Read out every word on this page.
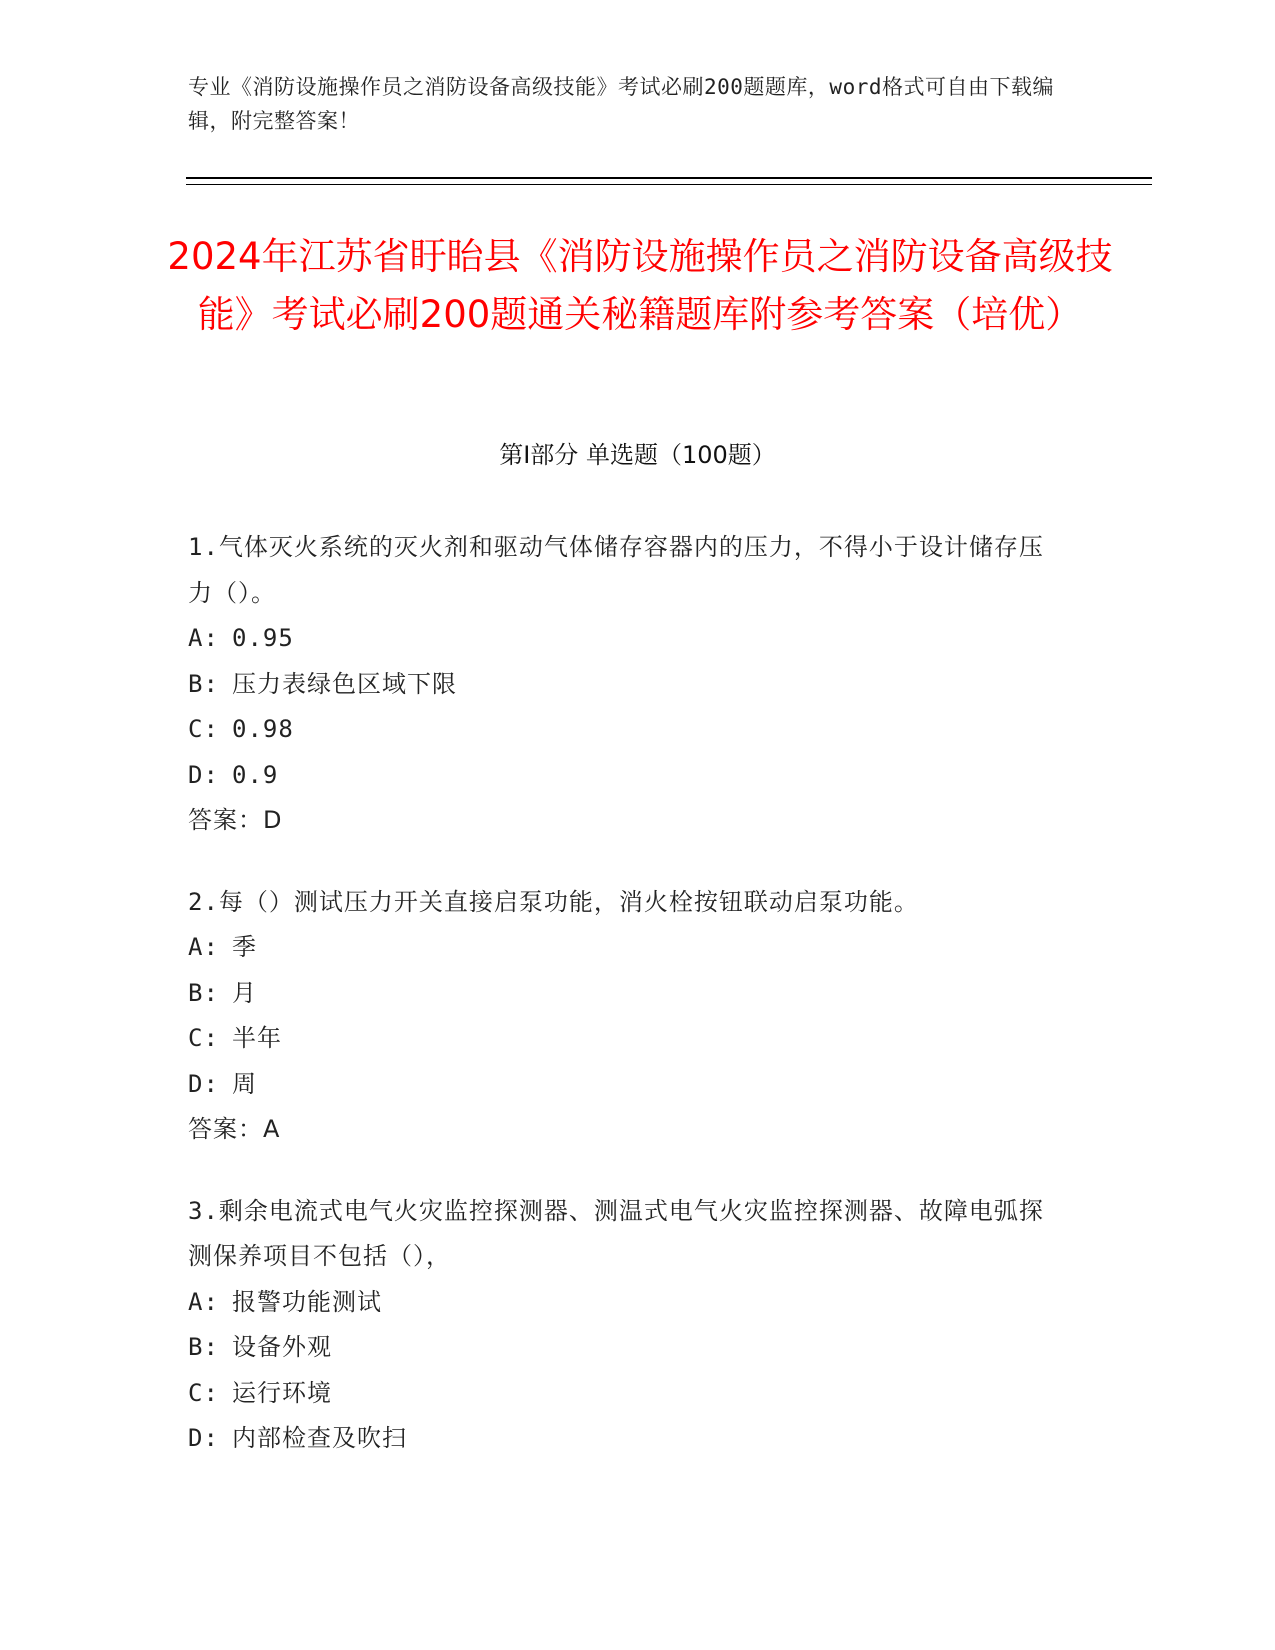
专业《消防设施操作员之消防设备高级技能》考试必刷200题题库，word格式可自由下载编辑，附完整答案！
2024年江苏省盱眙县《消防设施操作员之消防设备高级技能》考试必刷200题通关秘籍题库附参考答案（培优）
第Ⅰ部分 单选题（100题）
1.气体灭火系统的灭火剂和驱动气体储存容器内的压力，不得小于设计储存压力（）。
A: 0.95
B: 压力表绿色区域下限
C: 0.98
D: 0.9
答案：D
2.每（）测试压力开关直接启泵功能，消火栓按钮联动启泵功能。
A: 季
B: 月
C: 半年
D: 周
答案：A
3.剩余电流式电气火灾监控探测器、测温式电气火灾监控探测器、故障电弧探测保养项目不包括（），
A: 报警功能测试
B: 设备外观
C: 运行环境
D: 内部检查及吹扫
